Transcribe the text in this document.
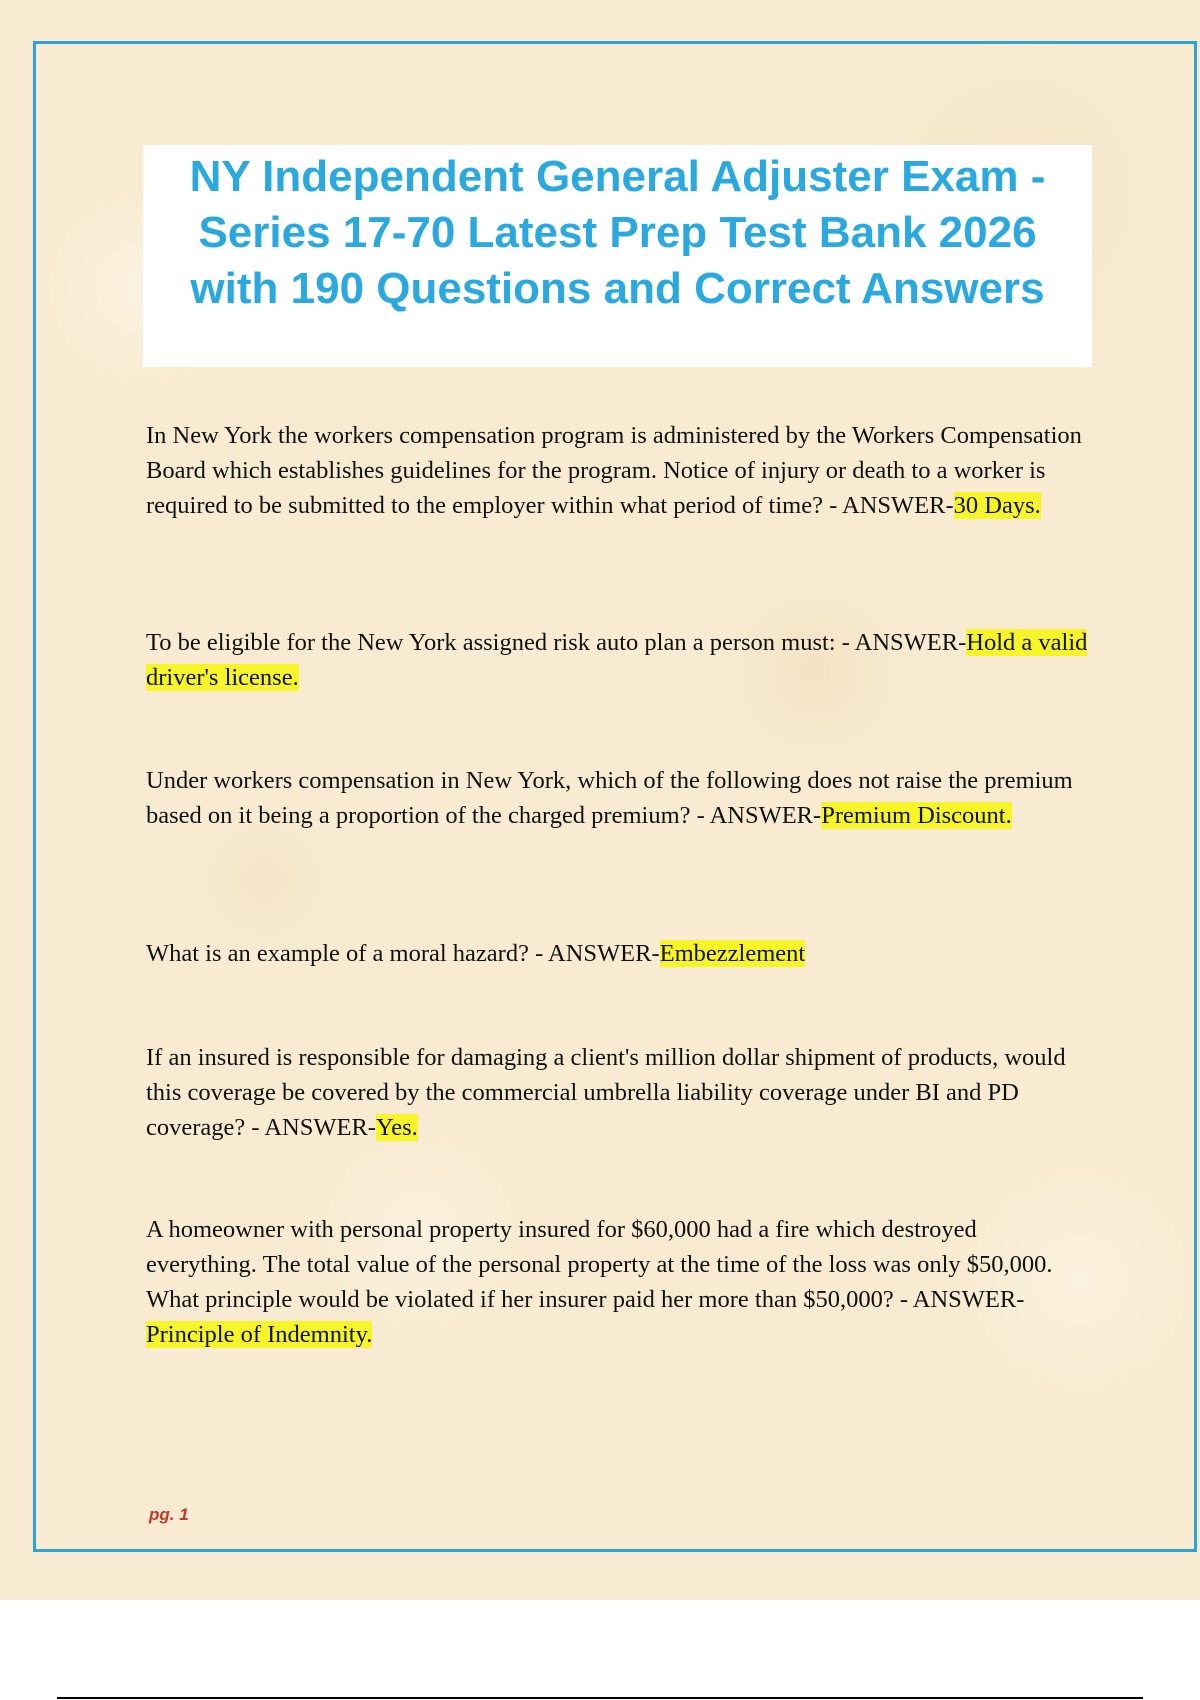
NY Independent General Adjuster Exam -
Series 17-70 Latest Prep Test Bank 2026
with 190 Questions and Correct Answers

In New York the workers compensation program is administered by the Workers Compensation Board which establishes guidelines for the program. Notice of injury or death to a worker is required to be submitted to the employer within what period of time? - ANSWER-30 Days.

To be eligible for the New York assigned risk auto plan a person must: - ANSWER-Hold a valid driver's license.

Under workers compensation in New York, which of the following does not raise the premium based on it being a proportion of the charged premium? - ANSWER-Premium Discount.

What is an example of a moral hazard? - ANSWER-Embezzlement

If an insured is responsible for damaging a client's million dollar shipment of products, would this coverage be covered by the commercial umbrella liability coverage under BI and PD coverage? - ANSWER-Yes.

A homeowner with personal property insured for $60,000 had a fire which destroyed everything. The total value of the personal property at the time of the loss was only $50,000. What principle would be violated if her insurer paid her more than $50,000? - ANSWER-Principle of Indemnity.

pg. 1
